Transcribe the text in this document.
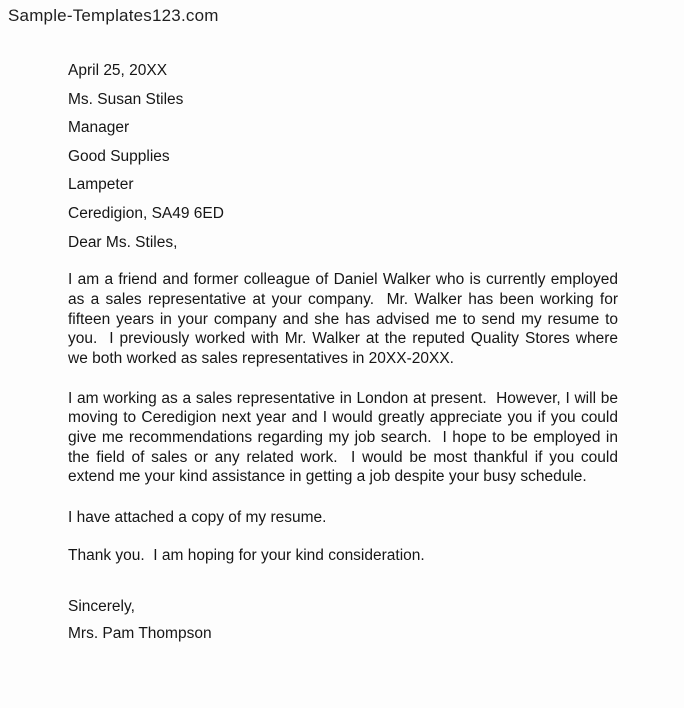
Sample-Templates123.com
April 25, 20XX
Ms. Susan Stiles
Manager
Good Supplies
Lampeter
Ceredigion, SA49 6ED
Dear Ms. Stiles,

I am a friend and former colleague of Daniel Walker who is currently employed as a sales representative at your company.  Mr. Walker has been working for fifteen years in your company and she has advised me to send my resume to you.  I previously worked with Mr. Walker at the reputed Quality Stores where we both worked as sales representatives in 20XX-20XX.

I am working as a sales representative in London at present.  However, I will be moving to Ceredigion next year and I would greatly appreciate you if you could give me recommendations regarding my job search.  I hope to be employed in the field of sales or any related work.  I would be most thankful if you could extend me your kind assistance in getting a job despite your busy schedule.

I have attached a copy of my resume.

Thank you.  I am hoping for your kind consideration.

Sincerely,
Mrs. Pam Thompson
